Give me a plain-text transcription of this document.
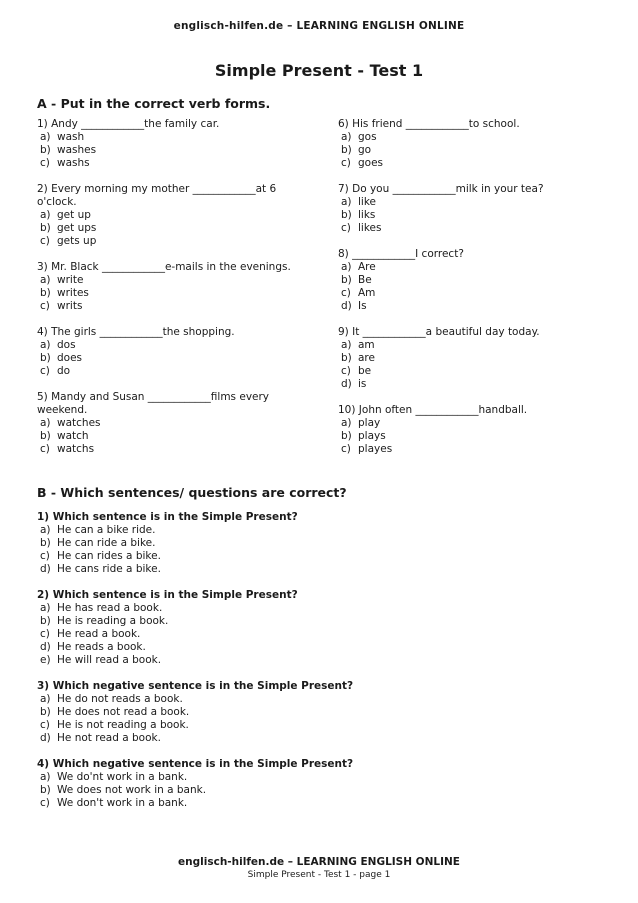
englisch-hilfen.de – LEARNING ENGLISH ONLINE
Simple Present - Test 1
A - Put in the correct verb forms.
1) Andy ____________the family car.
a) wash
b) washes
c) washs
2) Every morning my mother ____________at 6 o'clock.
a) get up
b) get ups
c) gets up
3) Mr. Black ____________e-mails in the evenings.
a) write
b) writes
c) writs
4) The girls ____________the shopping.
a) dos
b) does
c) do
5) Mandy and Susan ____________films every weekend.
a) watches
b) watch
c) watchs
6) His friend ____________to school.
a) gos
b) go
c) goes
7) Do you ____________milk in your tea?
a) like
b) liks
c) likes
8) ____________I correct?
a) Are
b) Be
c) Am
d) Is
9) It ____________a beautiful day today.
a) am
b) are
c) be
d) is
10) John often ____________handball.
a) play
b) plays
c) playes
B - Which sentences/ questions are correct?
1) Which sentence is in the Simple Present?
a) He can a bike ride.
b) He can ride a bike.
c) He can rides a bike.
d) He cans ride a bike.
2) Which sentence is in the Simple Present?
a) He has read a book.
b) He is reading a book.
c) He read a book.
d) He reads a book.
e) He will read a book.
3) Which negative sentence is in the Simple Present?
a) He do not reads a book.
b) He does not read a book.
c) He is not reading a book.
d) He not read a book.
4) Which negative sentence is in the Simple Present?
a) We do'nt work in a bank.
b) We does not work in a bank.
c) We don't work in a bank.
englisch-hilfen.de – LEARNING ENGLISH ONLINE
Simple Present - Test 1 - page 1
